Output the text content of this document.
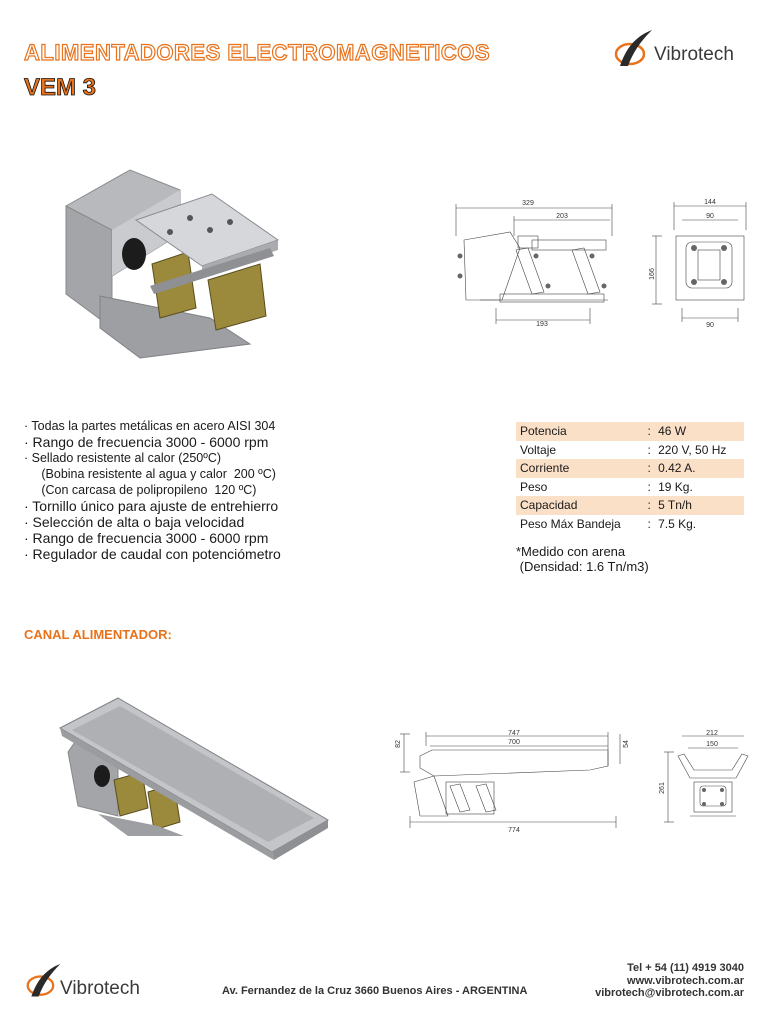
ALIMENTADORES ELECTROMAGNETICOS
VEM 3
Vibrotech
329
203
193
144
90
166
90
· Todas la partes metálicas en acero AISI 304
· Rango de frecuencia 3000 - 6000 rpm
· Sellado resistente al calor (250ºC)
(Bobina resistente al agua y calor  200 ºC)
(Con carcasa de polipropileno  120 ºC)
· Tornillo único para ajuste de entrehierro
· Selección de alta o baja velocidad
· Rango de frecuencia 3000 - 6000 rpm
· Regulador de caudal con potenciómetro
Potencia	:	46 W
Voltaje	:	220 V, 50 Hz
Corriente	:	0.42 A.
Peso	:	19 Kg.
Capacidad	:	5 Tn/h
Peso Máx Bandeja	:	7.5 Kg.
*Medido con arena
(Densidad: 1.6 Tn/m3)
CANAL ALIMENTADOR:
747
700
82	54
774
212
150
261
Vibrotech	Av. Fernandez de la Cruz 3660 Buenos Aires - ARGENTINA
Tel + 54 (11) 4919 3040
www.vibrotech.com.ar
vibrotech@vibrotech.com.ar
